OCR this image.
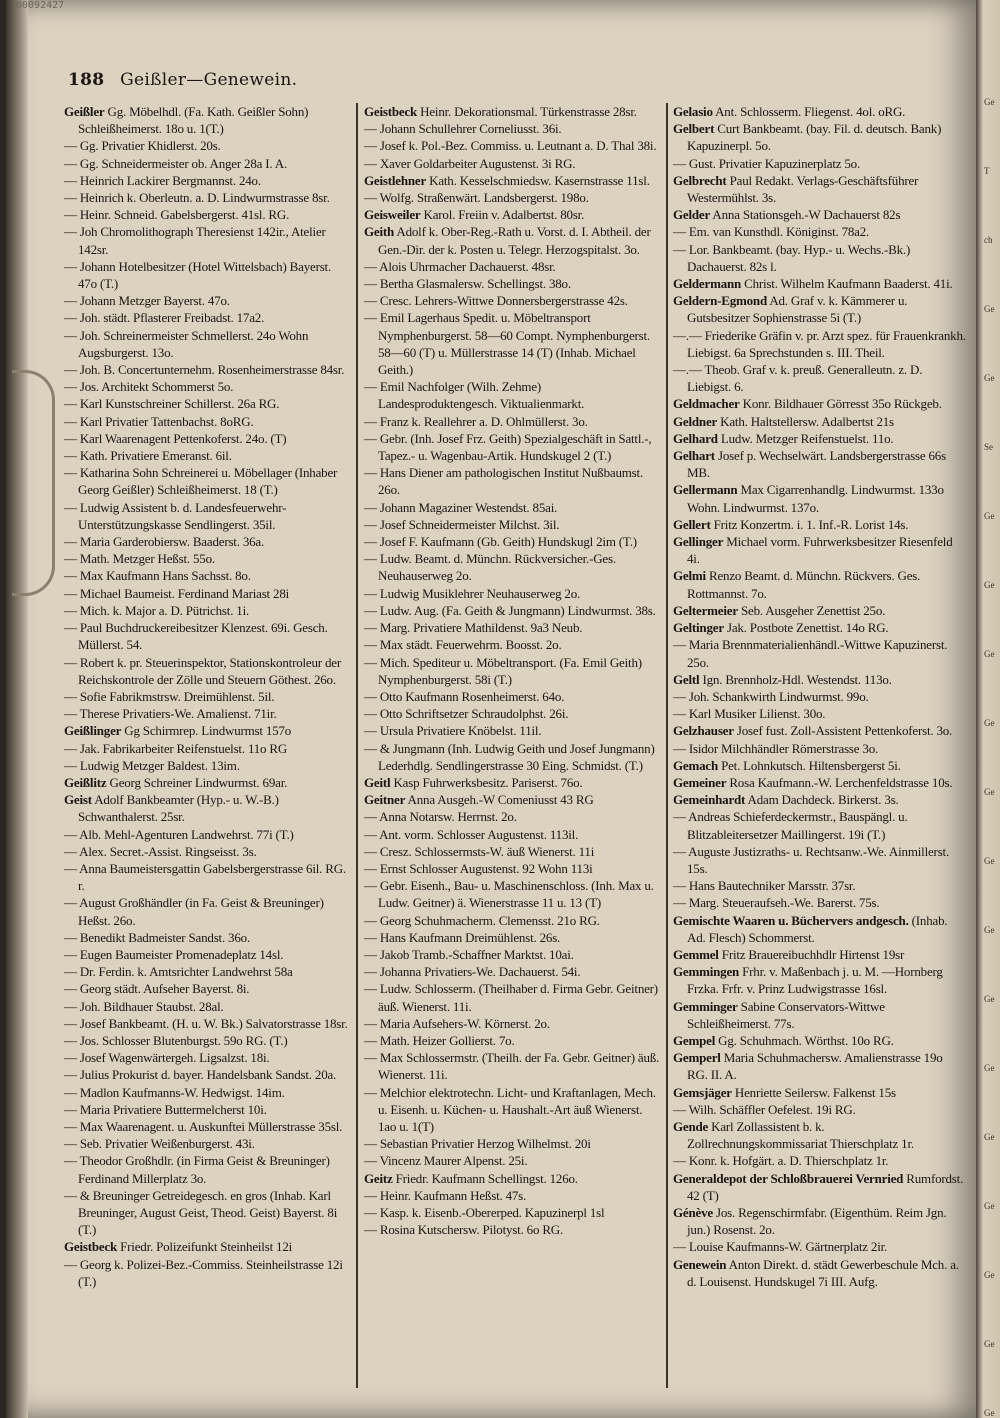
00092427
188 Geißler—Genewein.
Geißler Gg. Möbelhdl. (Fa. Kath. Geißler Sohn) Schleißheimerst. 18o u. 1(T.)
— Gg. Privatier Khidlerst. 20s.
— Gg. Schneidermeister ob. Anger 28a I. A.
— Heinrich Lackirer Bergmannst. 24o.
— Heinrich k. Oberleutn. a. D. Lindwurmstrasse 8sr.
— Heinr. Schneid. Gabelsbergerst. 41sl. RG.
— Joh Chromolithograph Theresienst 142ir., Atelier 142sr.
— Johann Hotelbesitzer (Hotel Wittelsbach) Bayerst. 47o (T.)
— Johann Metzger Bayerst. 47o.
— Joh. städt. Pflasterer Freibadst. 17a2.
— Joh. Schreinermeister Schmellerst. 24o Wohn Augsburgerst. 13o.
— Joh. B. Concertunternehm. Rosenheimerstrasse 84sr.
— Jos. Architekt Schommerst 5o.
— Karl Kunstschreiner Schillerst. 26a RG.
— Karl Privatier Tattenbachst. 8oRG.
— Karl Waarenagent Pettenkoferst. 24o. (T)
— Kath. Privatiere Emeranst. 6il.
— Katharina Sohn Schreinerei u. Möbellager (Inhaber Georg Geißler) Schleißheimerst. 18 (T.)
— Ludwig Assistent b. d. Landesfeuerwehr-Unterstützungskasse Sendlingerst. 35il.
— Maria Garderobiersw. Baaderst. 36a.
— Math. Metzger Heßst. 55o.
— Max Kaufmann Hans Sachsst. 8o.
— Michael Baumeist. Ferdinand Mariast 28i
— Mich. k. Major a. D. Pütrichst. 1i.
— Paul Buchdruckereibesitzer Klenzest. 69i. Gesch. Müllerst. 54.
— Robert k. pr. Steuerinspektor, Stationskontroleur der Reichskontrole der Zölle und Steuern Göthest. 26o.
— Sofie Fabrikmstrsw. Dreimühlenst. 5il.
— Therese Privatiers-We. Amalienst. 71ir.
Geißlinger Gg Schirmrep. Lindwurmst 157o
— Jak. Fabrikarbeiter Reifenstuelst. 11o RG
— Ludwig Metzger Baldest. 13im.
Geißlitz Georg Schreiner Lindwurmst. 69ar.
Geist Adolf Bankbeamter (Hyp.- u. W.-B.) Schwanthalerst. 25sr.
— Alb. Mehl-Agenturen Landwehrst. 77i (T.)
— Alex. Secret.-Assist. Ringseisst. 3s.
— Anna Baumeistersgattin Gabelsbergerstrasse 6il. RG. r.
— August Großhändler (in Fa. Geist & Breuninger) Heßst. 26o.
— Benedikt Badmeister Sandst. 36o.
— Eugen Baumeister Promenadeplatz 14sl.
— Dr. Ferdin. k. Amtsrichter Landwehrst 58a
— Georg städt. Aufseher Bayerst. 8i.
— Joh. Bildhauer Staubst. 28al.
— Josef Bankbeamt. (H. u. W. Bk.) Salvatorstrasse 18sr.
— Jos. Schlosser Blutenburgst. 59o RG. (T.)
— Josef Wagenwärtergeh. Ligsalzst. 18i.
— Julius Prokurist d. bayer. Handelsbank Sandst. 20a.
— Madlon Kaufmanns-W. Hedwigst. 14im.
— Maria Privatiere Buttermelcherst 10i.
— Max Waarenagent. u. Auskunftei Müllerstrasse 35sl.
— Seb. Privatier Weißenburgerst. 43i.
— Theodor Großhdlr. (in Firma Geist & Breuninger) Ferdinand Millerplatz 3o.
— & Breuninger Getreidegesch. en gros (Inhab. Karl Breuninger, August Geist, Theod. Geist) Bayerst. 8i (T.)
Geistbeck Friedr. Polizeifunkt Steinheilst 12i
— Georg k. Polizei-Bez.-Commiss. Steinheilstrasse 12i (T.)
Geistbeck Heinr. Dekorationsmal. Türkenstrasse 28sr.
— Johann Schullehrer Corneliusst. 36i.
— Josef k. Pol.-Bez. Commiss. u. Leutnant a. D. Thal 38i.
— Xaver Goldarbeiter Augustenst. 3i RG.
Geistlehner Kath. Kesselschmiedsw. Kasernstrasse 11sl.
— Wolfg. Straßenwärt. Landsbergerst. 198o.
Geisweiler Karol. Freiin v. Adalbertst. 80sr.
Geith Adolf k. Ober-Reg.-Rath u. Vorst. d. I. Abtheil. der Gen.-Dir. der k. Posten u. Telegr. Herzogspitalst. 3o.
— Alois Uhrmacher Dachauerst. 48sr.
— Bertha Glasmalersw. Schellingst. 38o.
— Cresc. Lehrers-Wittwe Donnersbergerstrasse 42s.
— Emil Lagerhaus Spedit. u. Möbeltransport Nymphenburgerst. 58—60 Compt. Nymphenburgerst. 58—60 (T) u. Müllerstrasse 14 (T) (Inhab. Michael Geith.)
— Emil Nachfolger (Wilh. Zehme) Landesproduktengesch. Viktualienmarkt.
— Franz k. Reallehrer a. D. Ohlmüllerst. 3o.
— Gebr. (Inh. Josef Frz. Geith) Spezialgeschäft in Sattl.-, Tapez.- u. Wagenbau-Artik. Hundskugel 2 (T.)
— Hans Diener am pathologischen Institut Nußbaumst. 26o.
— Johann Magaziner Westendst. 85ai.
— Josef Schneidermeister Milchst. 3il.
— Josef F. Kaufmann (Gb. Geith) Hundskugl 2im (T.)
— Ludw. Beamt. d. Münchn. Rückversicher.-Ges. Neuhauserweg 2o.
— Ludwig Musiklehrer Neuhauserweg 2o.
— Ludw. Aug. (Fa. Geith & Jungmann) Lindwurmst. 38s.
— Marg. Privatiere Mathildenst. 9a3 Neub.
— Max städt. Feuerwehrm. Boosst. 2o.
— Mich. Spediteur u. Möbeltransport. (Fa. Emil Geith) Nymphenburgerst. 58i (T.)
— Otto Kaufmann Rosenheimerst. 64o.
— Otto Schriftsetzer Schraudolphst. 26i.
— Ursula Privatiere Knöbelst. 11il.
— & Jungmann (Inh. Ludwig Geith und Josef Jungmann) Lederhdlg. Sendlingerstrasse 30 Eing. Schmidst. (T.)
Geitl Kasp Fuhrwerksbesitz. Pariserst. 76o.
Geitner Anna Ausgeh.-W Comeniusst 43 RG
— Anna Notarsw. Herrnst. 2o.
— Ant. vorm. Schlosser Augustenst. 113il.
— Cresz. Schlossermsts-W. äuß Wienerst. 11i
— Ernst Schlosser Augustenst. 92 Wohn 113i
— Gebr. Eisenh., Bau- u. Maschinenschloss. (Inh. Max u. Ludw. Geitner) ä. Wienerstrasse 11 u. 13 (T)
— Georg Schuhmacherm. Clemensst. 21o RG.
— Hans Kaufmann Dreimühlenst. 26s.
— Jakob Tramb.-Schaffner Marktst. 10ai.
— Johanna Privatiers-We. Dachauerst. 54i.
— Ludw. Schlosserm. (Theilhaber d. Firma Gebr. Geitner) äuß. Wienerst. 11i.
— Maria Aufsehers-W. Körnerst. 2o.
— Math. Heizer Gollierst. 7o.
— Max Schlossermstr. (Theilh. der Fa. Gebr. Geitner) äuß. Wienerst. 11i.
— Melchior elektrotechn. Licht- und Kraftanlagen, Mech. u. Eisenh. u. Küchen- u. Haushalt.-Art äuß Wienerst. 1ao u. 1(T)
— Sebastian Privatier Herzog Wilhelmst. 20i
— Vincenz Maurer Alpenst. 25i.
Geitz Friedr. Kaufmann Schellingst. 126o.
— Heinr. Kaufmann Heßst. 47s.
— Kasp. k. Eisenb.-Obererped. Kapuzinerpl 1sl
— Rosina Kutschersw. Pilotyst. 6o RG.
Gelasio Ant. Schlosserm. Fliegenst. 4ol. oRG.
Gelbert Curt Bankbeamt. (bay. Fil. d. deutsch. Bank) Kapuzinerpl. 5o.
— Gust. Privatier Kapuzinerplatz 5o.
Gelbrecht Paul Redakt. Verlags-Geschäftsführer Westermühlst. 3s.
Gelder Anna Stationsgeh.-W Dachauerst 82s
— Em. van Kunsthdl. Königinst. 78a2.
— Lor. Bankbeamt. (bay. Hyp.- u. Wechs.-Bk.) Dachauerst. 82s l.
Geldermann Christ. Wilhelm Kaufmann Baaderst. 41i.
Geldern-Egmond Ad. Graf v. k. Kämmerer u. Gutsbesitzer Sophienstrasse 5i (T.)
—.— Friederike Gräfin v. pr. Arzt spez. für Frauenkrankh. Liebigst. 6a Sprechstunden s. III. Theil.
—.— Theob. Graf v. k. preuß. Generalleutn. z. D. Liebigst. 6.
Geldmacher Konr. Bildhauer Görresst 35o Rückgeb.
Geldner Kath. Haltstellersw. Adalbertst 21s
Gelhard Ludw. Metzger Reifenstuelst. 11o.
Gelhart Josef p. Wechselwärt. Landsbergerstrasse 66s MB.
Gellermann Max Cigarrenhandlg. Lindwurmst. 133o Wohn. Lindwurmst. 137o.
Gellert Fritz Konzertm. i. 1. Inf.-R. Lorist 14s.
Gellinger Michael vorm. Fuhrwerksbesitzer Riesenfeld 4i.
Gelmi Renzo Beamt. d. Münchn. Rückvers. Ges. Rottmannst. 7o.
Geltermeier Seb. Ausgeher Zenettist 25o.
Geltinger Jak. Postbote Zenettist. 14o RG.
— Maria Brennmaterialienhändl.-Wittwe Kapuzinerst. 25o.
Geltl Ign. Brennholz-Hdl. Westendst. 113o.
— Joh. Schankwirth Lindwurmst. 99o.
— Karl Musiker Lilienst. 30o.
Gelzhauser Josef fust. Zoll-Assistent Pettenkoferst. 3o.
— Isidor Milchhändler Römerstrasse 3o.
Gemach Pet. Lohnkutsch. Hiltensbergerst 5i.
Gemeiner Rosa Kaufmann.-W. Lerchenfeldstrasse 10s.
Gemeinhardt Adam Dachdeck. Birkerst. 3s.
— Andreas Schieferdeckermstr., Bauspängl. u. Blitzableitersetzer Maillingerst. 19i (T.)
— Auguste Justizraths- u. Rechtsanw.-We. Ainmillerst. 15s.
— Hans Bautechniker Marsstr. 37sr.
— Marg. Steueraufseh.-We. Barerst. 75s.
Gemischte Waaren u. Büchervers andgesch. (Inhab. Ad. Flesch) Schommerst.
Gemmel Fritz Brauereibuchhdlr Hirtenst 19sr
Gemmingen Frhr. v. Maßenbach j. u. M. —Hornberg Frzka. Frfr. v. Prinz Ludwigstrasse 16sl.
Gemminger Sabine Conservators-Wittwe Schleißheimerst. 77s.
Gempel Gg. Schuhmach. Wörthst. 10o RG.
Gemperl Maria Schuhmachersw. Amalienstrasse 19o RG. II. A.
Gemsjäger Henriette Seilersw. Falkenst 15s
— Wilh. Schäffler Oefelest. 19i RG.
Gende Karl Zollassistent b. k. Zollrechnungskommissariat Thierschplatz 1r.
— Konr. k. Hofgärt. a. D. Thierschplatz 1r.
Generaldepot der Schloßbrauerei Vernried Rumfordst. 42 (T)
Génève Jos. Regenschirmfabr. (Eigenthüm. Reim Jgn. jun.) Rosenst. 2o.
— Louise Kaufmanns-W. Gärtnerplatz 2ir.
Genewein Anton Direkt. d. städt Gewerbeschule Mch. a. d. Louisenst. Hundskugel 7i III. Aufg.
Ge
T
ch
Ge
Ge
Se
Ge
Ge
Ge
Ge
Ge
Ge
Ge
Ge
Ge
Ge
Ge
Ge
Ge
Ge
